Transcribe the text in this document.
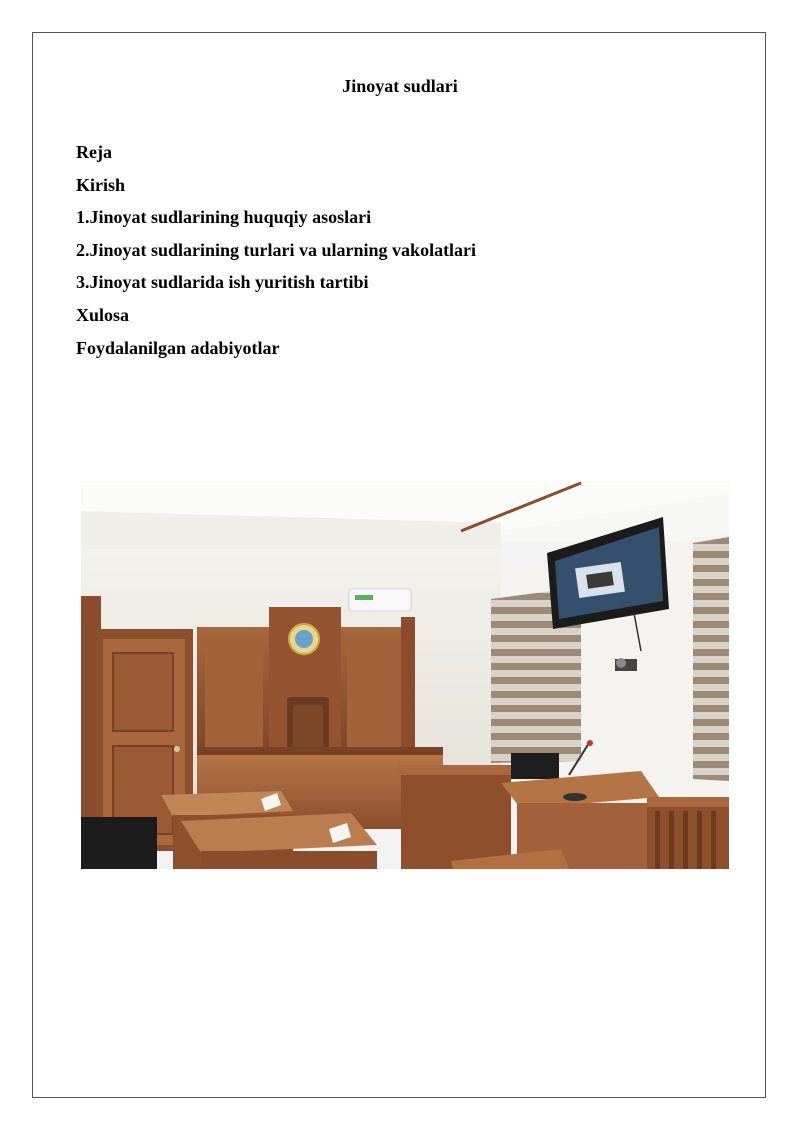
Jinoyat sudlari
Reja
Kirish
1.Jinoyat sudlarining huquqiy asoslari
2.Jinoyat sudlarining turlari va ularning vakolatlari
3.Jinoyat sudlarida ish yuritish tartibi
Xulosa
Foydalanilgan adabiyotlar
